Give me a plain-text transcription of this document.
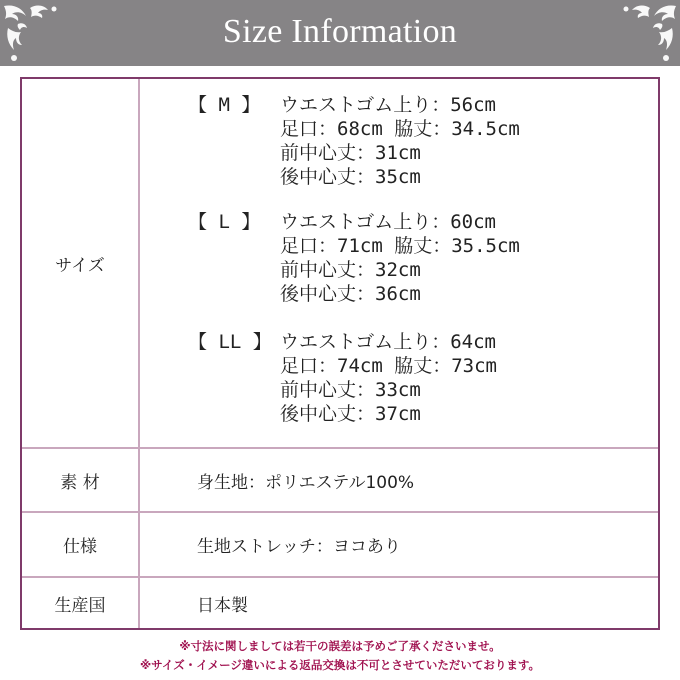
Size Information
サイズ
【 M 】	ウエストゴム上り：56cm
足口：68cm 脇丈：34.5cm
前中心丈：31cm
後中心丈：35cm
【 L 】	ウエストゴム上り：60cm
足口：71cm 脇丈：35.5cm
前中心丈：32cm
後中心丈：36cm
【 LL 】 ウエストゴム上り：64cm
足口：74cm 脇丈：73cm
前中心丈：33cm
後中心丈：37cm
素 材	身生地：ポリエステル100%
仕様	生地ストレッチ：ヨコあり
生産国	日本製
※寸法に関しましては若干の誤差は予めご了承くださいませ。
※サイズ・イメージ違いによる返品交換は不可とさせていただいております。
